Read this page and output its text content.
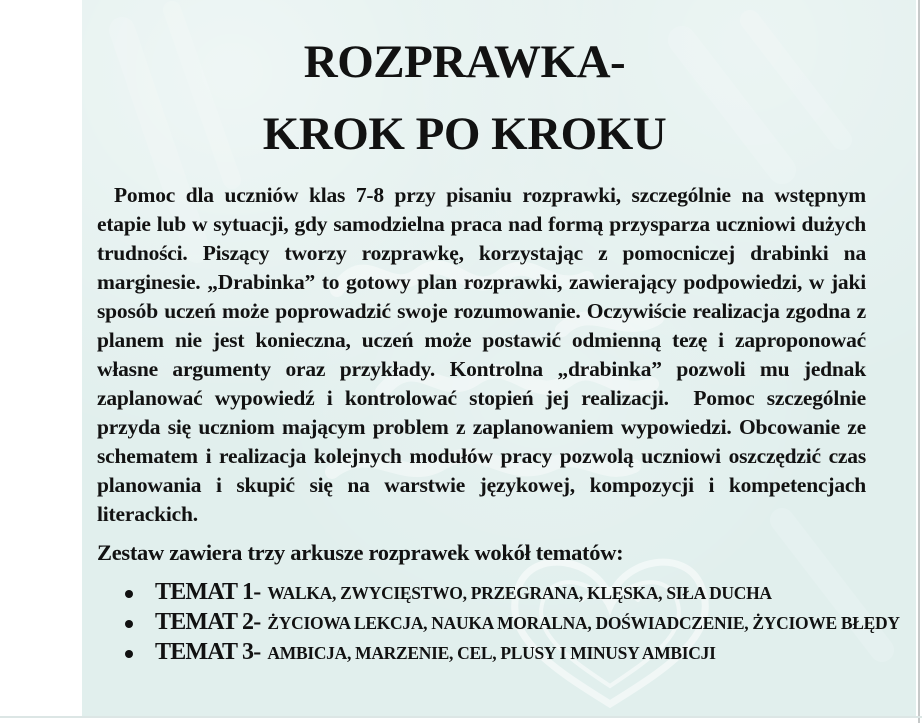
ROZPRAWKA-
KROK PO KROKU

Pomoc dla uczniów klas 7-8 przy pisaniu rozprawki, szczególnie na wstępnym etapie lub w sytuacji, gdy samodzielna praca nad formą przysparza uczniowi dużych trudności. Piszący tworzy rozprawkę, korzystając z pomocniczej drabinki na marginesie. „Drabinka” to gotowy plan rozprawki, zawierający podpowiedzi, w jaki sposób uczeń może poprowadzić swoje rozumowanie. Oczywiście realizacja zgodna z planem nie jest konieczna, uczeń może postawić odmienną tezę i zaproponować własne argumenty oraz przykłady. Kontrolna „drabinka” pozwoli mu jednak zaplanować wypowiedź i kontrolować stopień jej realizacji.  Pomoc szczególnie przyda się uczniom mającym problem z zaplanowaniem wypowiedzi. Obcowanie ze schematem i realizacja kolejnych modułów pracy pozwolą uczniowi oszczędzić czas planowania i skupić się na warstwie językowej, kompozycji i kompetencjach literackich.

Zestaw zawiera trzy arkusze rozprawek wokół tematów:

TEMAT 1- WALKA, ZWYCIĘSTWO, PRZEGRANA, KLĘSKA, SIŁA DUCHA
TEMAT 2- ŻYCIOWA LEKCJA, NAUKA MORALNA, DOŚWIADCZENIE, ŻYCIOWE BŁĘDY
TEMAT 3- AMBICJA, MARZENIE, CEL, PLUSY I MINUSY AMBICJI
